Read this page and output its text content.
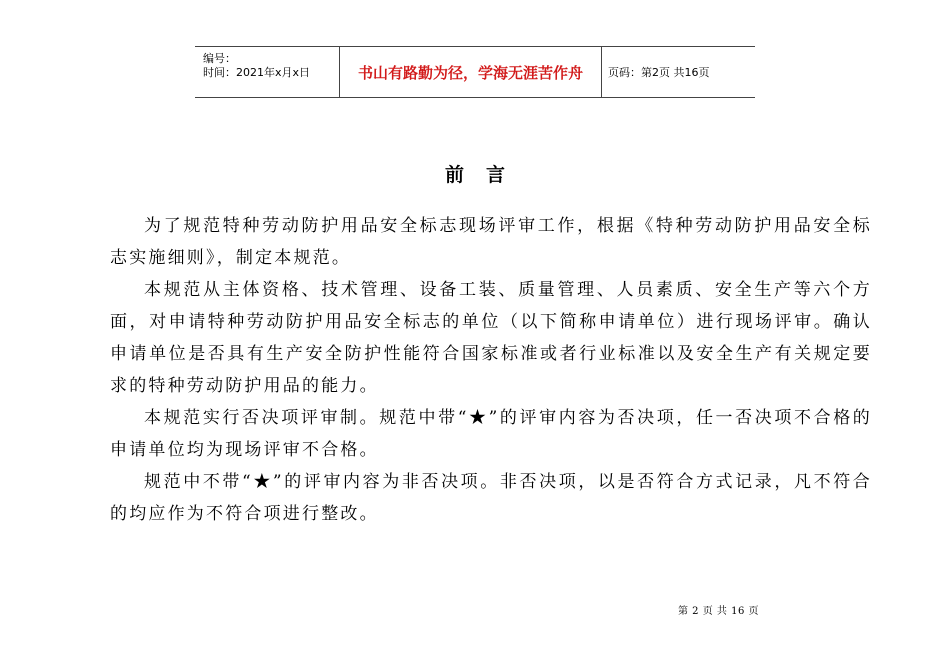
编号：
时间：2021年x月x日	书山有路勤为径，学海无涯苦作舟	页码：第2页 共16页
前言

为了规范特种劳动防护用品安全标志现场评审工作，根据《特种劳动防护用品安全标志实施细则》，制定本规范。

本规范从主体资格、技术管理、设备工装、质量管理、人员素质、安全生产等六个方面，对申请特种劳动防护用品安全标志的单位（以下简称申请单位）进行现场评审。确认申请单位是否具有生产安全防护性能符合国家标准或者行业标准以及安全生产有关规定要求的特种劳动防护用品的能力。

本规范实行否决项评审制。规范中带“★”的评审内容为否决项，任一否决项不合格的申请单位均为现场评审不合格。

规范中不带“★”的评审内容为非否决项。非否决项，以是否符合方式记录，凡不符合的均应作为不符合项进行整改。

第 2 页 共 16 页
